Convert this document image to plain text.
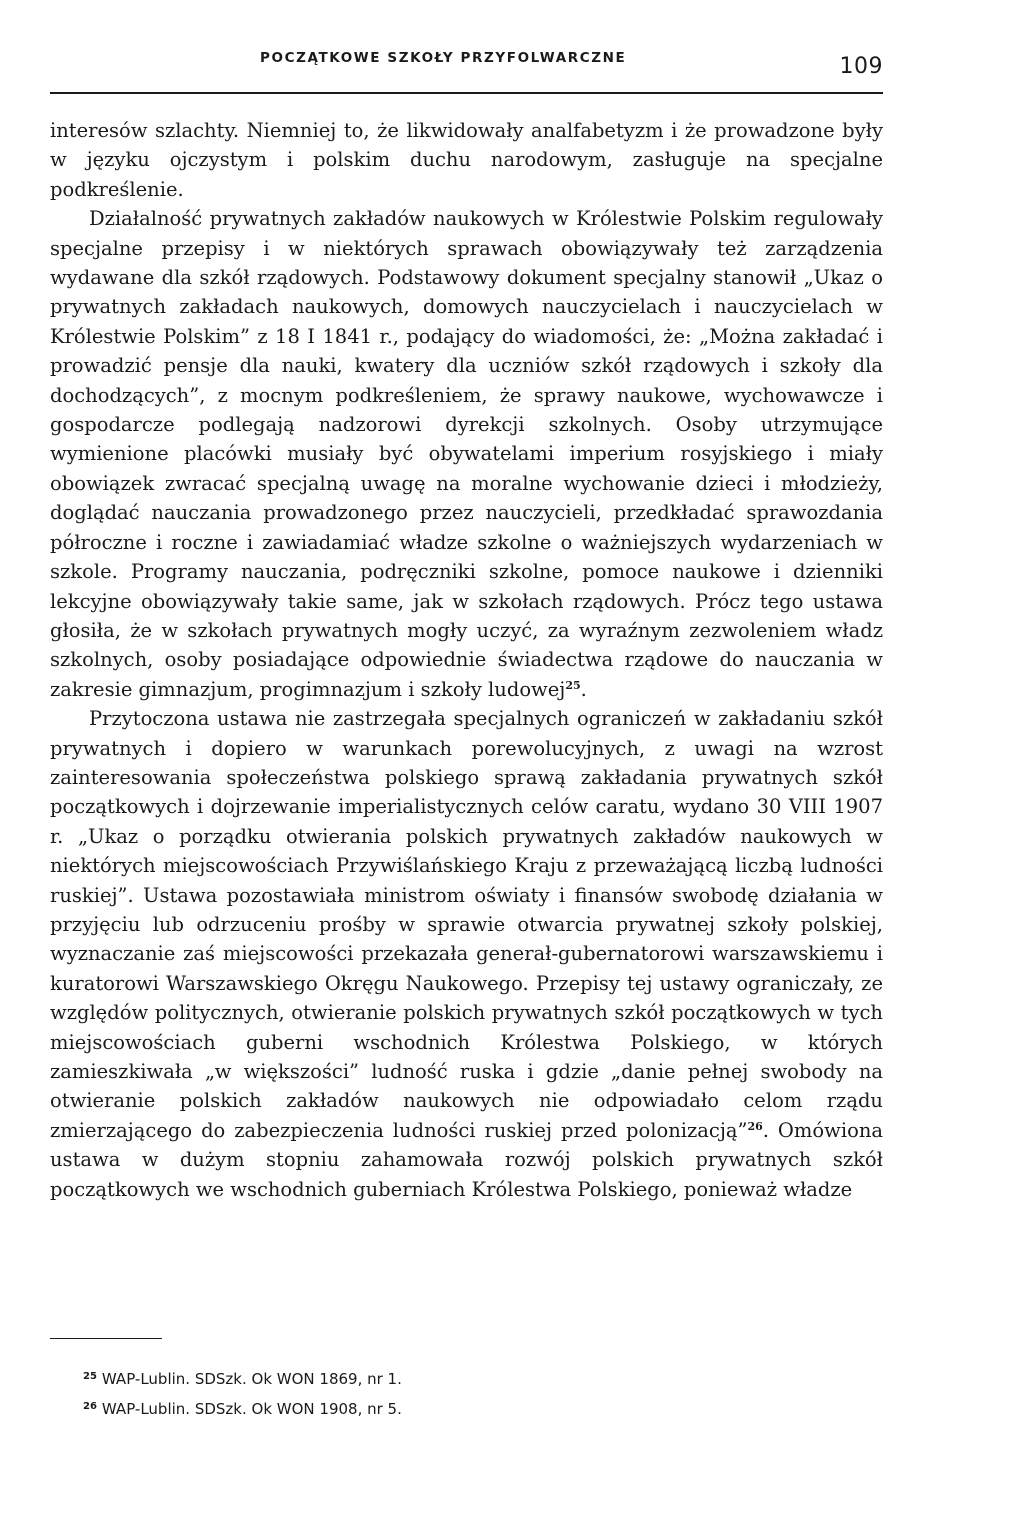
POCZĄTKOWE SZKOŁY PRZYFOLWARCZNE	109

interesów szlachty. Niemniej to, że likwidowały analfabetyzm i że prowadzone były w języku ojczystym i polskim duchu narodowym, zasługuje na specjalne podkreślenie.

Działalność prywatnych zakładów naukowych w Królestwie Polskim regulowały specjalne przepisy i w niektórych sprawach obowiązywały też zarządzenia wydawane dla szkół rządowych. Podstawowy dokument specjalny stanowił „Ukaz o prywatnych zakładach naukowych, domowych nauczycielach i nauczycielach w Królestwie Polskim” z 18 I 1841 r., podający do wiadomości, że: „Można zakładać i prowadzić pensje dla nauki, kwatery dla uczniów szkół rządowych i szkoły dla dochodzących”, z mocnym podkreśleniem, że sprawy naukowe, wychowawcze i gospodarcze podlegają nadzorowi dyrekcji szkolnych. Osoby utrzymujące wymienione placówki musiały być obywatelami imperium rosyjskiego i miały obowiązek zwracać specjalną uwagę na moralne wychowanie dzieci i młodzieży, doglądać nauczania prowadzonego przez nauczycieli, przedkładać sprawozdania półroczne i roczne i zawiadamiać władze szkolne o ważniejszych wydarzeniach w szkole. Programy nauczania, podręczniki szkolne, pomoce naukowe i dzienniki lekcyjne obowiązywały takie same, jak w szkołach rządowych. Prócz tego ustawa głosiła, że w szkołach prywatnych mogły uczyć, za wyraźnym zezwoleniem władz szkolnych, osoby posiadające odpowiednie świadectwa rządowe do nauczania w zakresie gimnazjum, progimnazjum i szkoły ludowej$^{25}$.

Przytoczona ustawa nie zastrzegała specjalnych ograniczeń w zakładaniu szkół prywatnych i dopiero w warunkach porewolucyjnych, z uwagi na wzrost zainteresowania społeczeństwa polskiego sprawą zakładania prywatnych szkół początkowych i dojrzewanie imperialistycznych celów caratu, wydano 30 VIII 1907 r. „Ukaz o porządku otwierania polskich prywatnych zakładów naukowych w niektórych miejscowościach Przywiślańskiego Kraju z przeważającą liczbą ludności ruskiej”. Ustawa pozostawiała ministrom oświaty i finansów swobodę działania w przyjęciu lub odrzuceniu prośby w sprawie otwarcia prywatnej szkoły polskiej, wyznaczanie zaś miejscowości przekazała generał-gubernatorowi warszawskiemu i kuratorowi Warszawskiego Okręgu Naukowego. Przepisy tej ustawy ograniczały, ze względów politycznych, otwieranie polskich prywatnych szkół początkowych w tych miejscowościach guberni wschodnich Królestwa Polskiego, w których zamieszkiwała „w większości” ludność ruska i gdzie „danie pełnej swobody na otwieranie polskich zakładów naukowych nie odpowiadało celom rządu zmierzającego do zabezpieczenia ludności ruskiej przed polonizacją”$^{26}$. Omówiona ustawa w dużym stopniu zahamowała rozwój polskich prywatnych szkół początkowych we wschodnich guberniach Królestwa Polskiego, ponieważ władze

$^{25}$ WAP-Lublin. SDSzk. Ok WON 1869, nr 1.
$^{26}$ WAP-Lublin. SDSzk. Ok WON 1908, nr 5.
